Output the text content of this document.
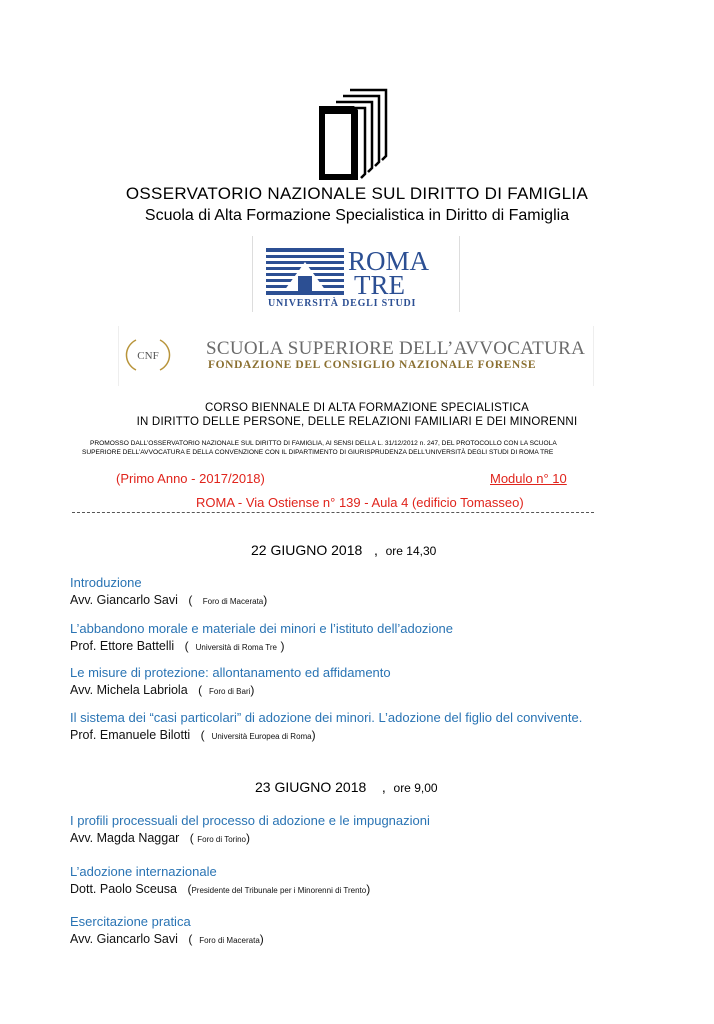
OSSERVATORIO NAZIONALE SUL DIRITTO DI FAMIGLIA
Scuola di Alta Formazione Specialistica in Diritto di Famiglia
ROMA
TRE
UNIVERSITÀ DEGLI STUDI
CNF SCUOLA SUPERIORE DELL’AVVOCATURA
FONDAZIONE DEL CONSIGLIO NAZIONALE FORENSE
CORSO BIENNALE DI ALTA FORMAZIONE SPECIALISTICA
IN DIRITTO DELLE PERSONE, DELLE RELAZIONI FAMILIARI E DEI MINORENNI
PROMOSSO DALL’OSSERVATORIO NAZIONALE SUL DIRITTO DI FAMIGLIA, AI SENSI DELLA L. 31/12/2012 n. 247, DEL PROTOCOLLO CON LA SCUOLA
SUPERIORE DELL’AVVOCATURA E DELLA CONVENZIONE CON IL DIPARTIMENTO DI GIURISPRUDENZA DELL’UNIVERSITÀ DEGLI STUDI DI ROMA TRE
(Primo Anno - 2017/2018)	Modulo n° 10
ROMA - Via Ostiense n° 139 - Aula 4 (edificio Tomasseo)
22 GIUGNO 2018 , ore 14,30
Introduzione
Avv. Giancarlo Savi ( Foro di Macerata)
L’abbandono morale e materiale dei minori e l’istituto dell’adozione
Prof. Ettore Battelli ( Università di Roma Tre )
Le misure di protezione: allontanamento ed affidamento
Avv. Michela Labriola ( Foro di Bari)
Il sistema dei “casi particolari” di adozione dei minori. L’adozione del figlio del convivente.
Prof. Emanuele Bilotti ( Università Europea di Roma)
23 GIUGNO 2018 , ore 9,00
I profili processuali del processo di adozione e le impugnazioni
Avv. Magda Naggar ( Foro di Torino)
L’adozione internazionale
Dott. Paolo Sceusa (Presidente del Tribunale per i Minorenni di Trento)
Esercitazione pratica
Avv. Giancarlo Savi ( Foro di Macerata)
